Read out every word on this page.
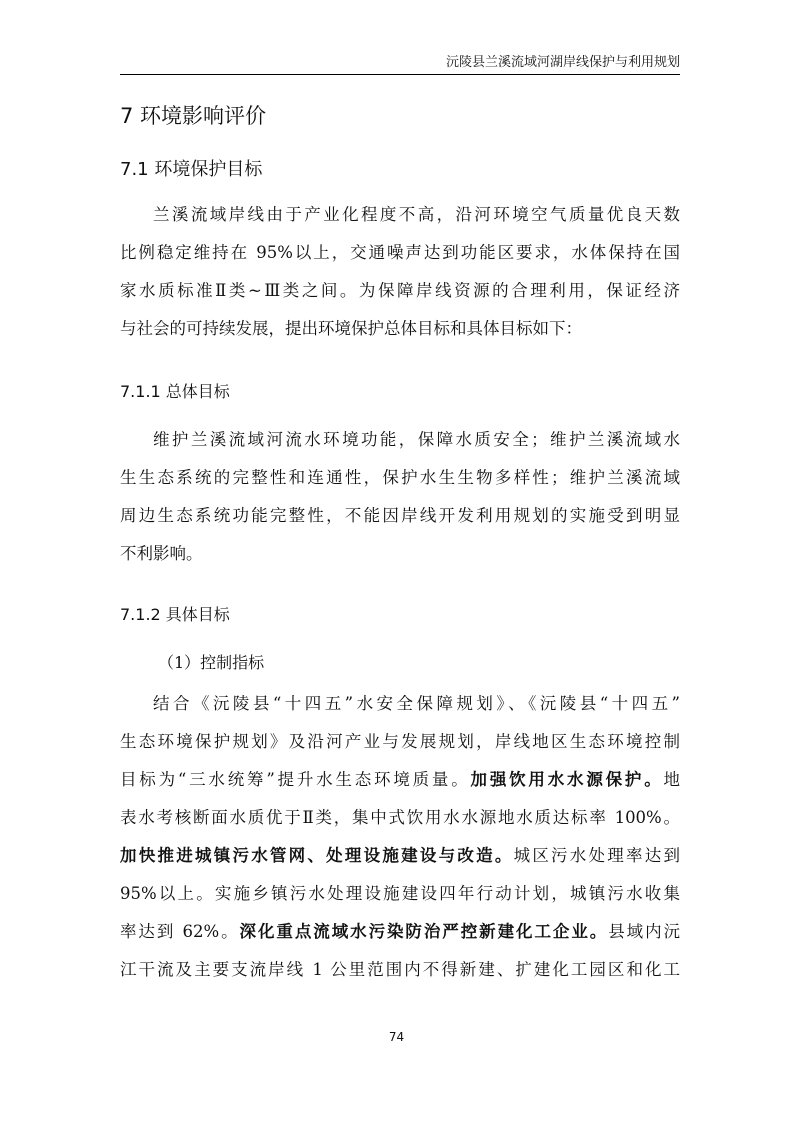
沅陵县兰溪流域河湖岸线保护与利用规划
7 环境影响评价
7.1 环境保护目标
兰溪流域岸线由于产业化程度不高，沿河环境空气质量优良天数
比例稳定维持在 95%以上，交通噪声达到功能区要求，水体保持在国
家水质标准Ⅱ类~Ⅲ类之间。为保障岸线资源的合理利用，保证经济
与社会的可持续发展，提出环境保护总体目标和具体目标如下：
7.1.1 总体目标
维护兰溪流域河流水环境功能，保障水质安全；维护兰溪流域水
生生态系统的完整性和连通性，保护水生生物多样性；维护兰溪流域
周边生态系统功能完整性，不能因岸线开发利用规划的实施受到明显
不利影响。
7.1.2 具体目标
（1）控制指标
结合《沅陵县“十四五”水安全保障规划》、《沅陵县“十四五”
生态环境保护规划》及沿河产业与发展规划，岸线地区生态环境控制
目标为“三水统筹”提升水生态环境质量。加强饮用水水源保护。地
表水考核断面水质优于Ⅱ类，集中式饮用水水源地水质达标率 100%。
加快推进城镇污水管网、处理设施建设与改造。城区污水处理率达到
95%以上。实施乡镇污水处理设施建设四年行动计划，城镇污水收集
率达到 62%。深化重点流域水污染防治严控新建化工企业。县域内沅
江干流及主要支流岸线 1 公里范围内不得新建、扩建化工园区和化工
74
